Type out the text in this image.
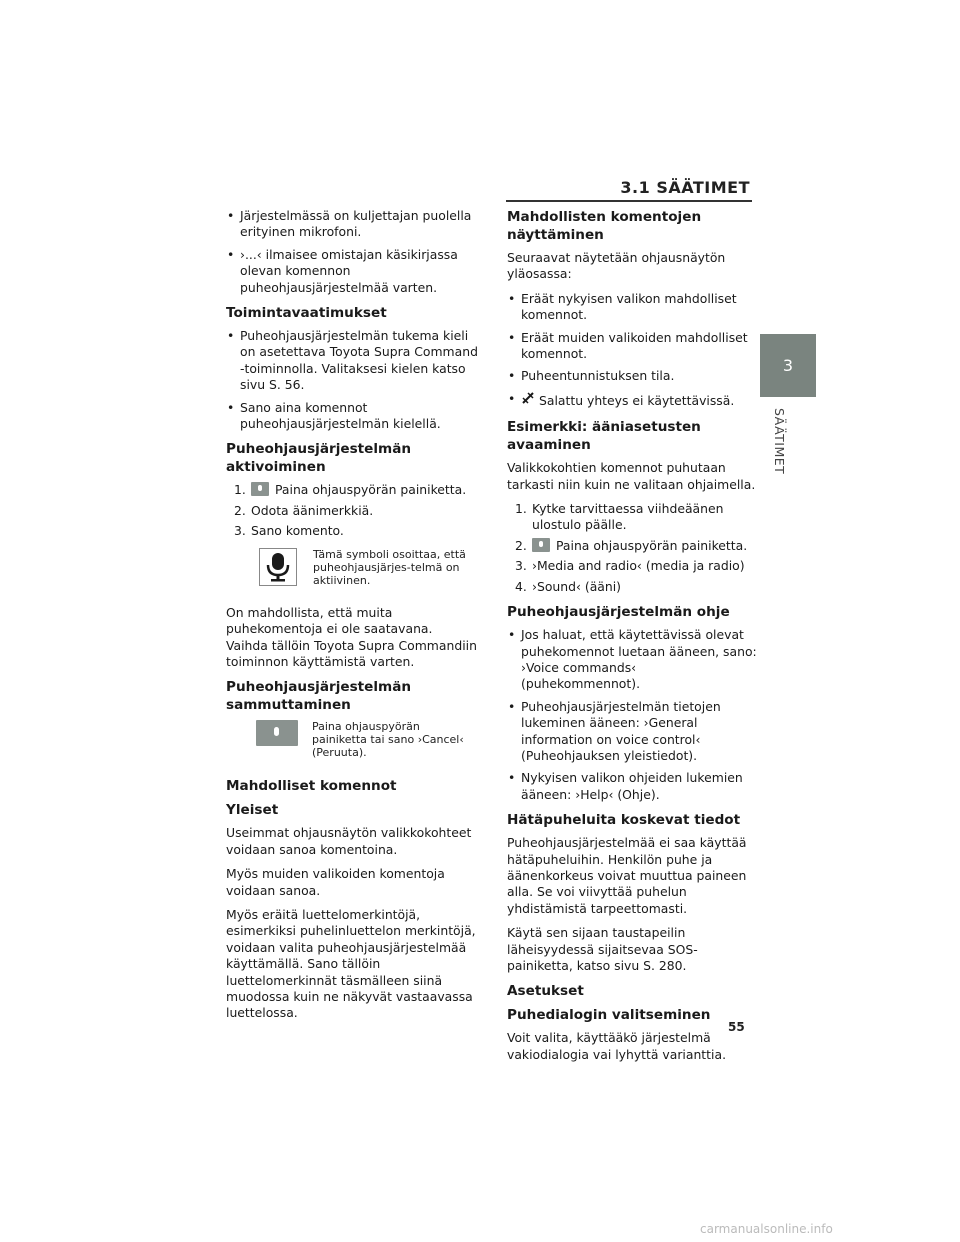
3.1 SÄÄTIMET
3
SÄÄTIMET
• Järjestelmässä on kuljettajan puolella erityinen mikrofoni.
• ›...‹ ilmaisee omistajan käsikirjassa olevan komennon puheohjausjärjestelmää varten.
Toimintavaatimukset
• Puheohjausjärjestelmän tukema kieli on asetettava Toyota Supra Command -toiminnolla. Valitaksesi kielen katso sivu S. 56.
• Sano aina komennot puheohjausjärjestelmän kielellä.
Puheohjausjärjestelmän aktivoiminen
1. Paina ohjauspyörän painiketta.
2. Odota äänimerkkiä.
3. Sano komento.
Tämä symboli osoittaa, että puheohjausjärjes-telmä on aktiivinen.

On mahdollista, että muita puhekomentoja ei ole saatavana. Vaihda tällöin Toyota Supra Commandiin toiminnon käyttämistä varten.

Puheohjausjärjestelmän sammuttaminen
Paina ohjauspyörän painiketta tai sano ›Cancel‹ (Peruuta).
Mahdolliset komennot
Yleiset

Useimmat ohjausnäytön valikkokohteet voidaan sanoa komentoina.

Myös muiden valikoiden komentoja voidaan sanoa.

Myös eräitä luettelomerkintöjä, esimerkiksi puhelinluettelon merkintöjä, voidaan valita puheohjausjärjestelmää käyttämällä. Sano tällöin luettelomerkinnät täsmälleen siinä muodossa kuin ne näkyvät vastaavassa luettelossa.

Mahdollisten komentojen näyttäminen

Seuraavat näytetään ohjausnäytön yläosassa:

• Eräät nykyisen valikon mahdolliset komennot.
• Eräät muiden valikoiden mahdolliset komennot.
• Puheentunnistuksen tila.
• Salattu yhteys ei käytettävissä.
Esimerkki: ääniasetusten avaaminen

Valikkokohtien komennot puhutaan tarkasti niin kuin ne valitaan ohjaimella.

1. Kytke tarvittaessa viihdeäänen ulostulo päälle.
2. Paina ohjauspyörän painiketta.
3. ›Media and radio‹ (media ja radio)
4. ›Sound‹ (ääni)
Puheohjausjärjestelmän ohje
• Jos haluat, että käytettävissä olevat puhekomennot luetaan ääneen, sano: ›Voice commands‹ (puhekommennot).
• Puheohjausjärjestelmän tietojen lukeminen ääneen: ›General information on voice control‹ (Puheohjauksen yleistiedot).
• Nykyisen valikon ohjeiden lukemien ääneen: ›Help‹ (Ohje).
Hätäpuheluita koskevat tiedot

Puheohjausjärjestelmää ei saa käyttää hätäpuheluihin. Henkilön puhe ja äänenkorkeus voivat muuttua paineen alla. Se voi viivyttää puhelun yhdistämistä tarpeettomasti.

Käytä sen sijaan taustapeilin läheisyydessä sijaitsevaa SOS-painiketta, katso sivu S. 280.

Asetukset
Puhedialogin valitseminen

Voit valita, käyttääkö järjestelmä vakiodialogia vai lyhyttä varianttia.

55
carmanualsonline.info
